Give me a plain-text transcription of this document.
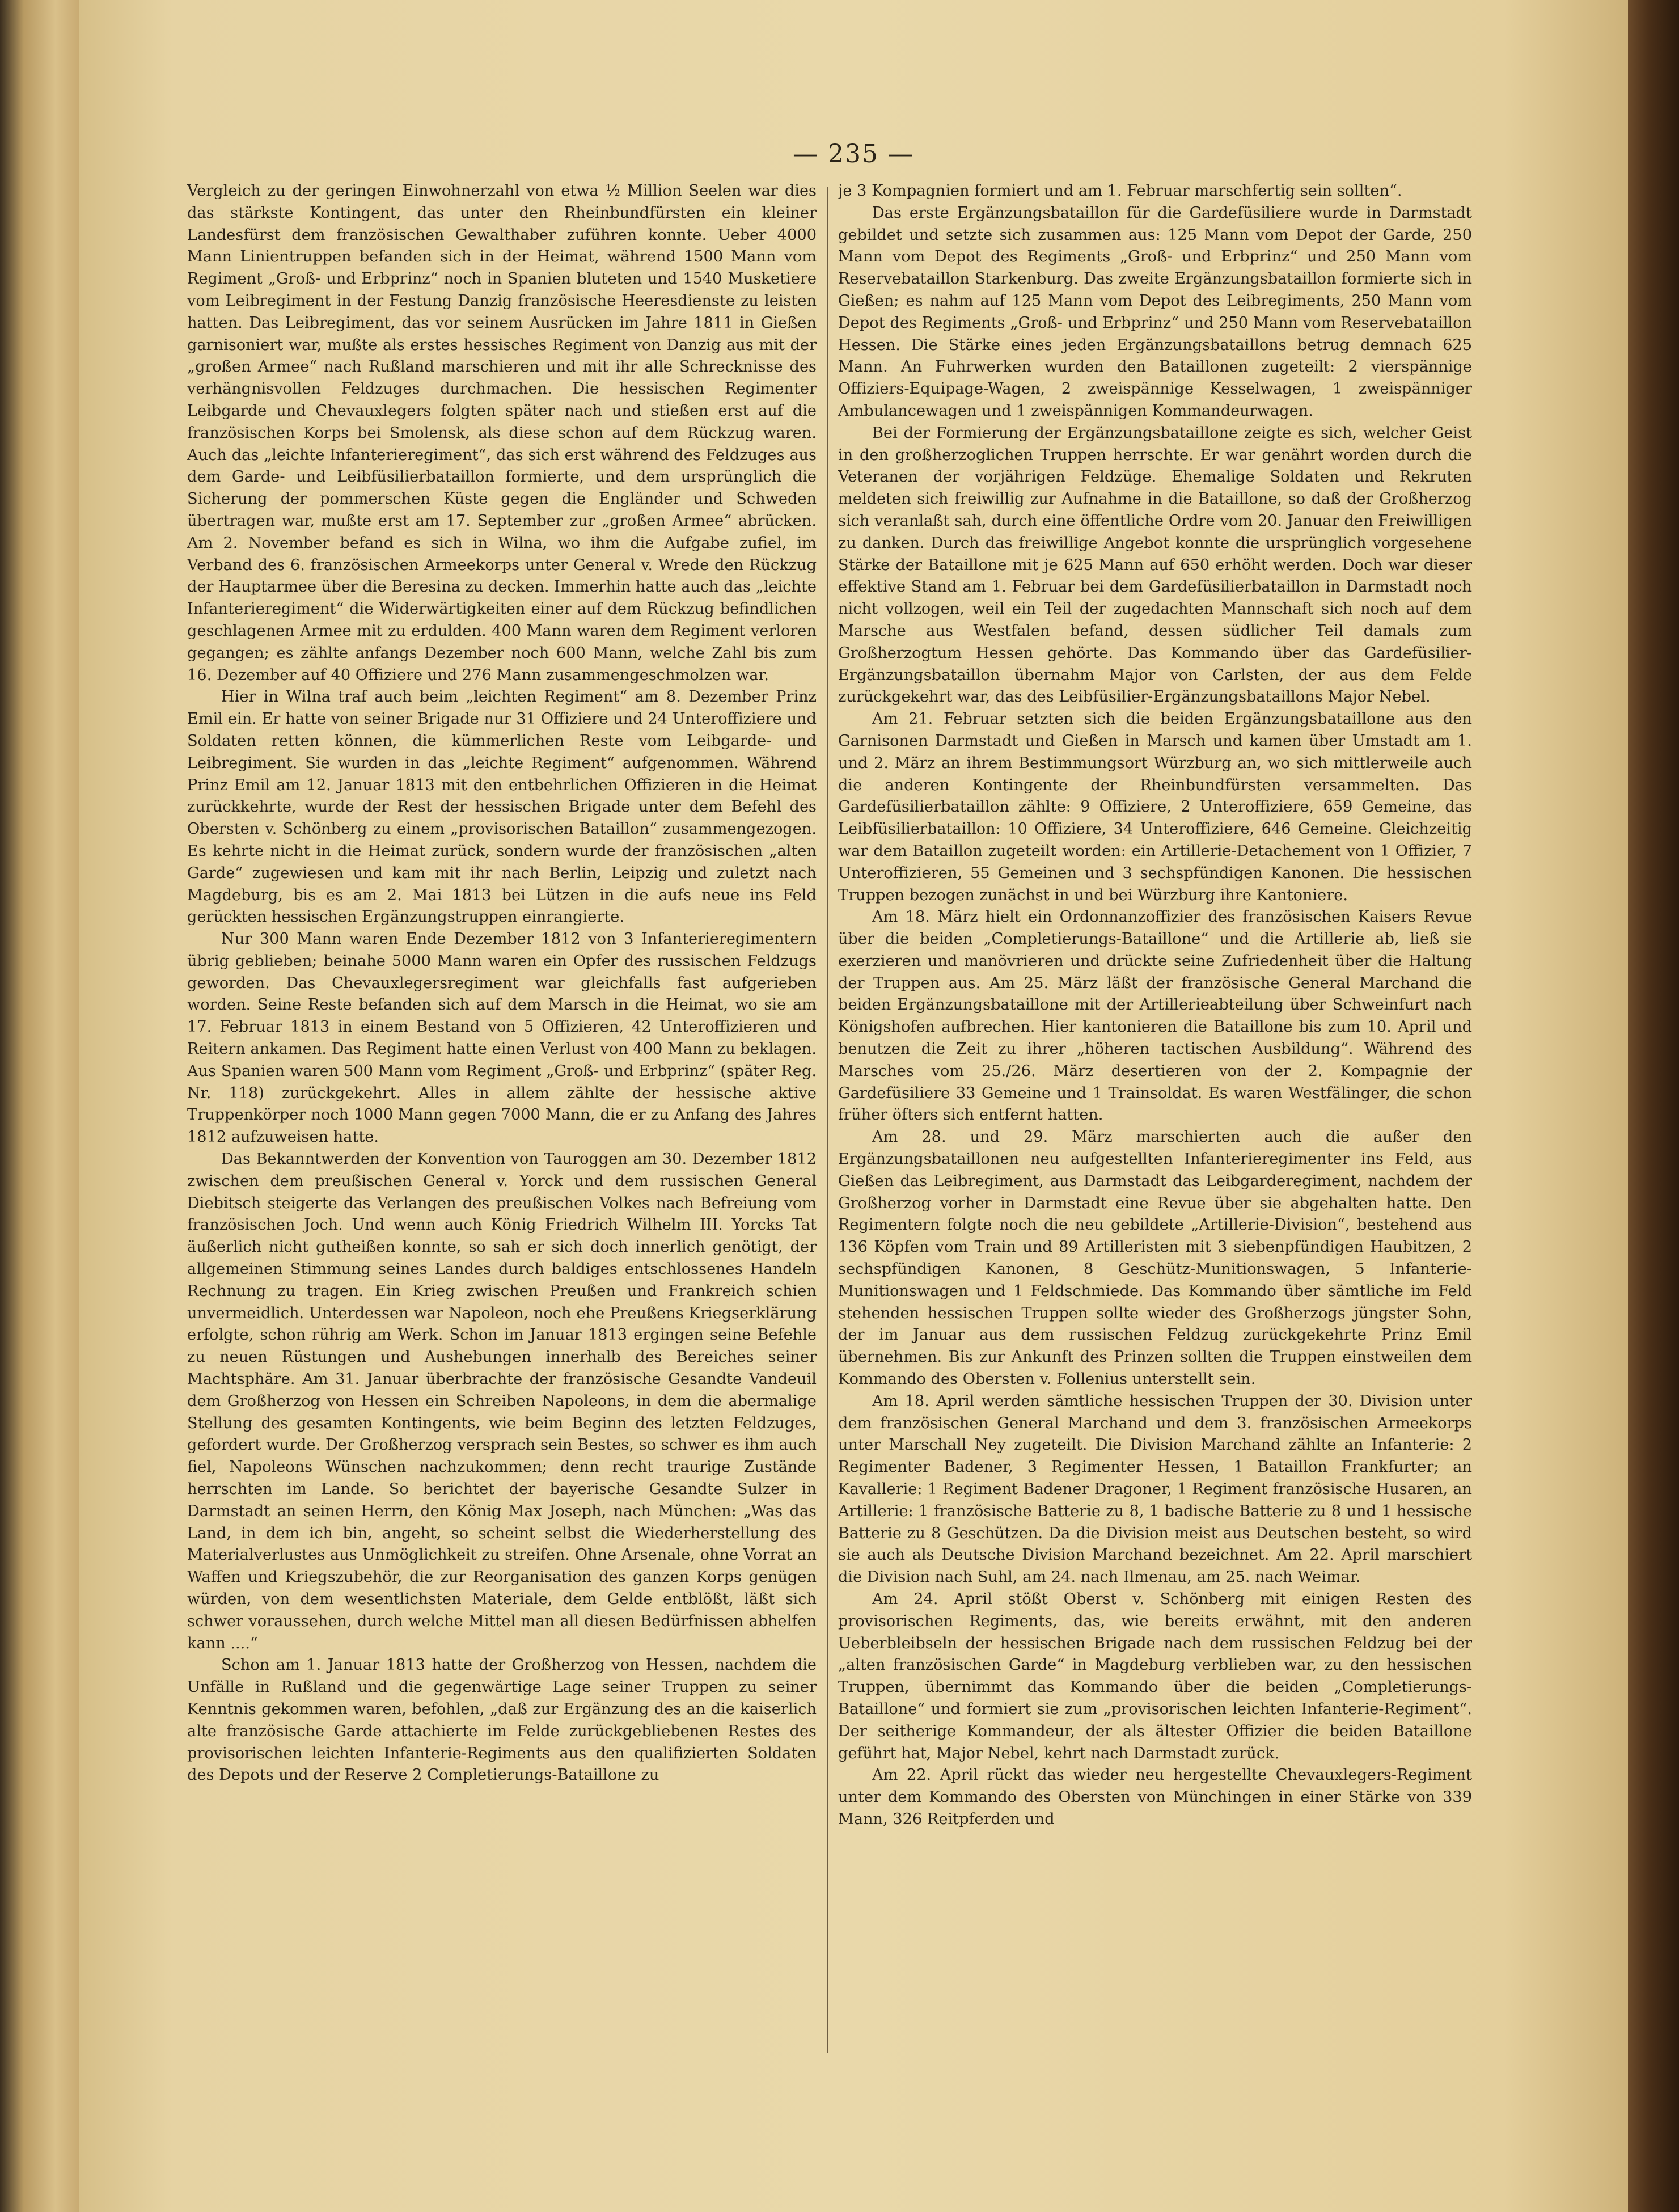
— 235 —

Vergleich zu der geringen Einwohnerzahl von etwa ½ Million Seelen war dies das stärkste Kontingent, das unter den Rheinbundfürsten ein kleiner Landesfürst dem französischen Gewalthaber zuführen konnte. Ueber 4000 Mann Linientruppen befanden sich in der Heimat, während 1500 Mann vom Regiment „Groß- und Erbprinz“ noch in Spanien bluteten und 1540 Musketiere vom Leibregiment in der Festung Danzig französische Heeresdienste zu leisten hatten. Das Leibregiment, das vor seinem Ausrücken im Jahre 1811 in Gießen garnisoniert war, mußte als erstes hessisches Regiment von Danzig aus mit der „großen Armee“ nach Rußland marschieren und mit ihr alle Schrecknisse des verhängnisvollen Feldzuges durchmachen. Die hessischen Regimenter Leibgarde und Chevauxlegers folgten später nach und stießen erst auf die französischen Korps bei Smolensk, als diese schon auf dem Rückzug waren. Auch das „leichte Infanterieregiment“, das sich erst während des Feldzuges aus dem Garde- und Leibfüsilierbataillon formierte, und dem ursprünglich die Sicherung der pommerschen Küste gegen die Engländer und Schweden übertragen war, mußte erst am 17. September zur „großen Armee“ abrücken. Am 2. November befand es sich in Wilna, wo ihm die Aufgabe zufiel, im Verband des 6. französischen Armeekorps unter General v. Wrede den Rückzug der Hauptarmee über die Beresina zu decken. Immerhin hatte auch das „leichte Infanterieregiment“ die Widerwärtigkeiten einer auf dem Rückzug befindlichen geschlagenen Armee mit zu erdulden. 400 Mann waren dem Regiment verloren gegangen; es zählte anfangs Dezember noch 600 Mann, welche Zahl bis zum 16. Dezember auf 40 Offiziere und 276 Mann zusammengeschmolzen war.

Hier in Wilna traf auch beim „leichten Regiment“ am 8. Dezember Prinz Emil ein. Er hatte von seiner Brigade nur 31 Offiziere und 24 Unteroffiziere und Soldaten retten können, die kümmerlichen Reste vom Leibgarde- und Leibregiment. Sie wurden in das „leichte Regiment“ aufgenommen. Während Prinz Emil am 12. Januar 1813 mit den entbehrlichen Offizieren in die Heimat zurückkehrte, wurde der Rest der hessischen Brigade unter dem Befehl des Obersten v. Schönberg zu einem „provisorischen Bataillon“ zusammengezogen. Es kehrte nicht in die Heimat zurück, sondern wurde der französischen „alten Garde“ zugewiesen und kam mit ihr nach Berlin, Leipzig und zuletzt nach Magdeburg, bis es am 2. Mai 1813 bei Lützen in die aufs neue ins Feld gerückten hessischen Ergänzungstruppen einrangierte.

Nur 300 Mann waren Ende Dezember 1812 von 3 Infanterieregimentern übrig geblieben; beinahe 5000 Mann waren ein Opfer des russischen Feldzugs geworden. Das Chevauxlegersregiment war gleichfalls fast aufgerieben worden. Seine Reste befanden sich auf dem Marsch in die Heimat, wo sie am 17. Februar 1813 in einem Bestand von 5 Offizieren, 42 Unteroffizieren und Reitern ankamen. Das Regiment hatte einen Verlust von 400 Mann zu beklagen. Aus Spanien waren 500 Mann vom Regiment „Groß- und Erbprinz“ (später Reg. Nr. 118) zurückgekehrt. Alles in allem zählte der hessische aktive Truppenkörper noch 1000 Mann gegen 7000 Mann, die er zu Anfang des Jahres 1812 aufzuweisen hatte.

Das Bekanntwerden der Konvention von Tauroggen am 30. Dezember 1812 zwischen dem preußischen General v. Yorck und dem russischen General Diebitsch steigerte das Verlangen des preußischen Volkes nach Befreiung vom französischen Joch. Und wenn auch König Friedrich Wilhelm III. Yorcks Tat äußerlich nicht gutheißen konnte, so sah er sich doch innerlich genötigt, der allgemeinen Stimmung seines Landes durch baldiges entschlossenes Handeln Rechnung zu tragen. Ein Krieg zwischen Preußen und Frankreich schien unvermeidlich. Unterdessen war Napoleon, noch ehe Preußens Kriegserklärung erfolgte, schon rührig am Werk. Schon im Januar 1813 ergingen seine Befehle zu neuen Rüstungen und Aushebungen innerhalb des Bereiches seiner Machtsphäre. Am 31. Januar überbrachte der französische Gesandte Vandeuil dem Großherzog von Hessen ein Schreiben Napoleons, in dem die abermalige Stellung des gesamten Kontingents, wie beim Beginn des letzten Feldzuges, gefordert wurde. Der Großherzog versprach sein Bestes, so schwer es ihm auch fiel, Napoleons Wünschen nachzukommen; denn recht traurige Zustände herrschten im Lande. So berichtet der bayerische Gesandte Sulzer in Darmstadt an seinen Herrn, den König Max Joseph, nach München: „Was das Land, in dem ich bin, angeht, so scheint selbst die Wiederherstellung des Materialverlustes aus Unmöglichkeit zu streifen. Ohne Arsenale, ohne Vorrat an Waffen und Kriegszubehör, die zur Reorganisation des ganzen Korps genügen würden, von dem wesentlichsten Materiale, dem Gelde entblößt, läßt sich schwer voraussehen, durch welche Mittel man all diesen Bedürfnissen abhelfen kann ....“

Schon am 1. Januar 1813 hatte der Großherzog von Hessen, nachdem die Unfälle in Rußland und die gegenwärtige Lage seiner Truppen zu seiner Kenntnis gekommen waren, befohlen, „daß zur Ergänzung des an die kaiserlich alte französische Garde attachierte im Felde zurückgebliebenen Restes des provisorischen leichten Infanterie-Regiments aus den qualifizierten Soldaten des Depots und der Reserve 2 Completierungs-Bataillone zu

je 3 Kompagnien formiert und am 1. Februar marschfertig sein sollten“.

Das erste Ergänzungsbataillon für die Gardefüsiliere wurde in Darmstadt gebildet und setzte sich zusammen aus: 125 Mann vom Depot der Garde, 250 Mann vom Depot des Regiments „Groß- und Erbprinz“ und 250 Mann vom Reservebataillon Starkenburg. Das zweite Ergänzungsbataillon formierte sich in Gießen; es nahm auf 125 Mann vom Depot des Leibregiments, 250 Mann vom Depot des Regiments „Groß- und Erbprinz“ und 250 Mann vom Reservebataillon Hessen. Die Stärke eines jeden Ergänzungsbataillons betrug demnach 625 Mann. An Fuhrwerken wurden den Bataillonen zugeteilt: 2 vierspännige Offiziers-Equipage-Wagen, 2 zweispännige Kesselwagen, 1 zweispänniger Ambulancewagen und 1 zweispännigen Kommandeurwagen.

Bei der Formierung der Ergänzungsbataillone zeigte es sich, welcher Geist in den großherzoglichen Truppen herrschte. Er war genährt worden durch die Veteranen der vorjährigen Feldzüge. Ehemalige Soldaten und Rekruten meldeten sich freiwillig zur Aufnahme in die Bataillone, so daß der Großherzog sich veranlaßt sah, durch eine öffentliche Ordre vom 20. Januar den Freiwilligen zu danken. Durch das freiwillige Angebot konnte die ursprünglich vorgesehene Stärke der Bataillone mit je 625 Mann auf 650 erhöht werden. Doch war dieser effektive Stand am 1. Februar bei dem Gardefüsilierbataillon in Darmstadt noch nicht vollzogen, weil ein Teil der zugedachten Mannschaft sich noch auf dem Marsche aus Westfalen befand, dessen südlicher Teil damals zum Großherzogtum Hessen gehörte. Das Kommando über das Gardefüsilier-Ergänzungsbataillon übernahm Major von Carlsten, der aus dem Felde zurückgekehrt war, das des Leibfüsilier-Ergänzungsbataillons Major Nebel.

Am 21. Februar setzten sich die beiden Ergänzungsbataillone aus den Garnisonen Darmstadt und Gießen in Marsch und kamen über Umstadt am 1. und 2. März an ihrem Bestimmungsort Würzburg an, wo sich mittlerweile auch die anderen Kontingente der Rheinbundfürsten versammelten. Das Gardefüsilierbataillon zählte: 9 Offiziere, 2 Unteroffiziere, 659 Gemeine, das Leibfüsilierbataillon: 10 Offiziere, 34 Unteroffiziere, 646 Gemeine. Gleichzeitig war dem Bataillon zugeteilt worden: ein Artillerie-Detachement von 1 Offizier, 7 Unteroffizieren, 55 Gemeinen und 3 sechspfündigen Kanonen. Die hessischen Truppen bezogen zunächst in und bei Würzburg ihre Kantoniere.

Am 18. März hielt ein Ordonnanzoffizier des französischen Kaisers Revue über die beiden „Completierungs-Bataillone“ und die Artillerie ab, ließ sie exerzieren und manövrieren und drückte seine Zufriedenheit über die Haltung der Truppen aus. Am 25. März läßt der französische General Marchand die beiden Ergänzungsbataillone mit der Artillerieabteilung über Schweinfurt nach Königshofen aufbrechen. Hier kantonieren die Bataillone bis zum 10. April und benutzen die Zeit zu ihrer „höheren tactischen Ausbildung“. Während des Marsches vom 25./26. März desertieren von der 2. Kompagnie der Gardefüsiliere 33 Gemeine und 1 Trainsoldat. Es waren Westfälinger, die schon früher öfters sich entfernt hatten.

Am 28. und 29. März marschierten auch die außer den Ergänzungsbataillonen neu aufgestellten Infanterieregimenter ins Feld, aus Gießen das Leibregiment, aus Darmstadt das Leibgarderegiment, nachdem der Großherzog vorher in Darmstadt eine Revue über sie abgehalten hatte. Den Regimentern folgte noch die neu gebildete „Artillerie-Division“, bestehend aus 136 Köpfen vom Train und 89 Artilleristen mit 3 siebenpfündigen Haubitzen, 2 sechspfündigen Kanonen, 8 Geschütz-Munitionswagen, 5 Infanterie-Munitionswagen und 1 Feldschmiede. Das Kommando über sämtliche im Feld stehenden hessischen Truppen sollte wieder des Großherzogs jüngster Sohn, der im Januar aus dem russischen Feldzug zurückgekehrte Prinz Emil übernehmen. Bis zur Ankunft des Prinzen sollten die Truppen einstweilen dem Kommando des Obersten v. Follenius unterstellt sein.

Am 18. April werden sämtliche hessischen Truppen der 30. Division unter dem französischen General Marchand und dem 3. französischen Armeekorps unter Marschall Ney zugeteilt. Die Division Marchand zählte an Infanterie: 2 Regimenter Badener, 3 Regimenter Hessen, 1 Bataillon Frankfurter; an Kavallerie: 1 Regiment Badener Dragoner, 1 Regiment französische Husaren, an Artillerie: 1 französische Batterie zu 8, 1 badische Batterie zu 8 und 1 hessische Batterie zu 8 Geschützen. Da die Division meist aus Deutschen besteht, so wird sie auch als Deutsche Division Marchand bezeichnet. Am 22. April marschiert die Division nach Suhl, am 24. nach Ilmenau, am 25. nach Weimar.

Am 24. April stößt Oberst v. Schönberg mit einigen Resten des provisorischen Regiments, das, wie bereits erwähnt, mit den anderen Ueberbleibseln der hessischen Brigade nach dem russischen Feldzug bei der „alten französischen Garde“ in Magdeburg verblieben war, zu den hessischen Truppen, übernimmt das Kommando über die beiden „Completierungs-Bataillone“ und formiert sie zum „provisorischen leichten Infanterie-Regiment“. Der seitherige Kommandeur, der als ältester Offizier die beiden Bataillone geführt hat, Major Nebel, kehrt nach Darmstadt zurück.

Am 22. April rückt das wieder neu hergestellte Chevauxlegers-Regiment unter dem Kommando des Obersten von Münchingen in einer Stärke von 339 Mann, 326 Reitpferden und
